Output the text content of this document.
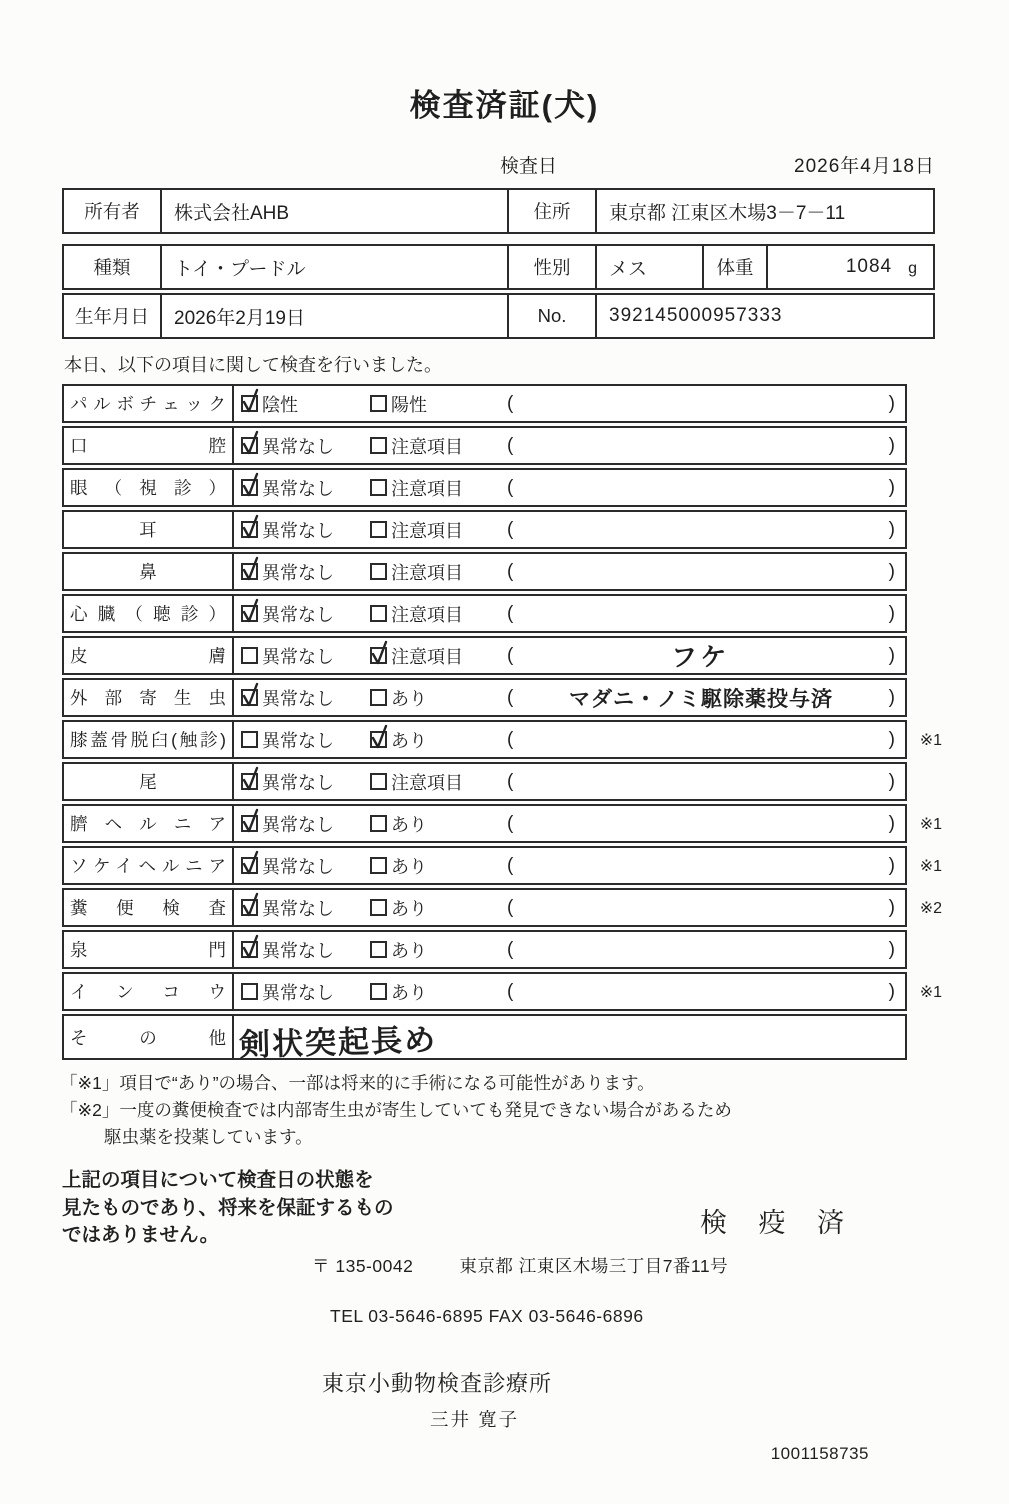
検査済証(犬)
検査日	2026年4月18日
所有者	株式会社AHB	住所	東京都 江東区木場3－7－11
種類	トイ・プードル	性別	メス	体重	1084 g
生年月日	2026年2月19日	No.	392145000957333
本日、以下の項目に関して検査を行いました。
パルボチェック 陰性	陽性	(	)
口腔 異常なし	注意項目 (	)
眼（視診） 異常なし	注意項目 (	)
耳	異常なし	注意項目 (	)
鼻	異常なし	注意項目 (	)
心臓（聴診） 異常なし	注意項目 (	)
皮膚 異常なし	注意項目 (	フケ	)
外部寄生虫 異常なし	あり	(	マダニ・ノミ駆除薬投与済	)
膝蓋骨脱臼(触診) 異常なし	あり	(	) ※1
尾	異常なし	注意項目 (	)
臍ヘルニア 異常なし	あり	(	) ※1
ソケイヘルニア 異常なし	あり	(	) ※1
糞便検査 異常なし	あり	(	) ※2
泉門 異常なし	あり	(	)
インコウ 異常なし	あり	(	) ※1
その他 剣状突起長め

「※1」項目で“あり”の場合、一部は将来的に手術になる可能性があります。

「※2」一度の糞便検査では内部寄生虫が寄生していても発見できない場合があるため

駆虫薬を投薬しています。

上記の項目について検査日の状態を

見たものであり、将来を保証するもの

ではありません。	検 疫 済
〒 135-0042	東京都 江東区木場三丁目7番11号
TEL 03-5646-6895 FAX 03-5646-6896
東京小動物検査診療所
三井 寛子
1001158735
